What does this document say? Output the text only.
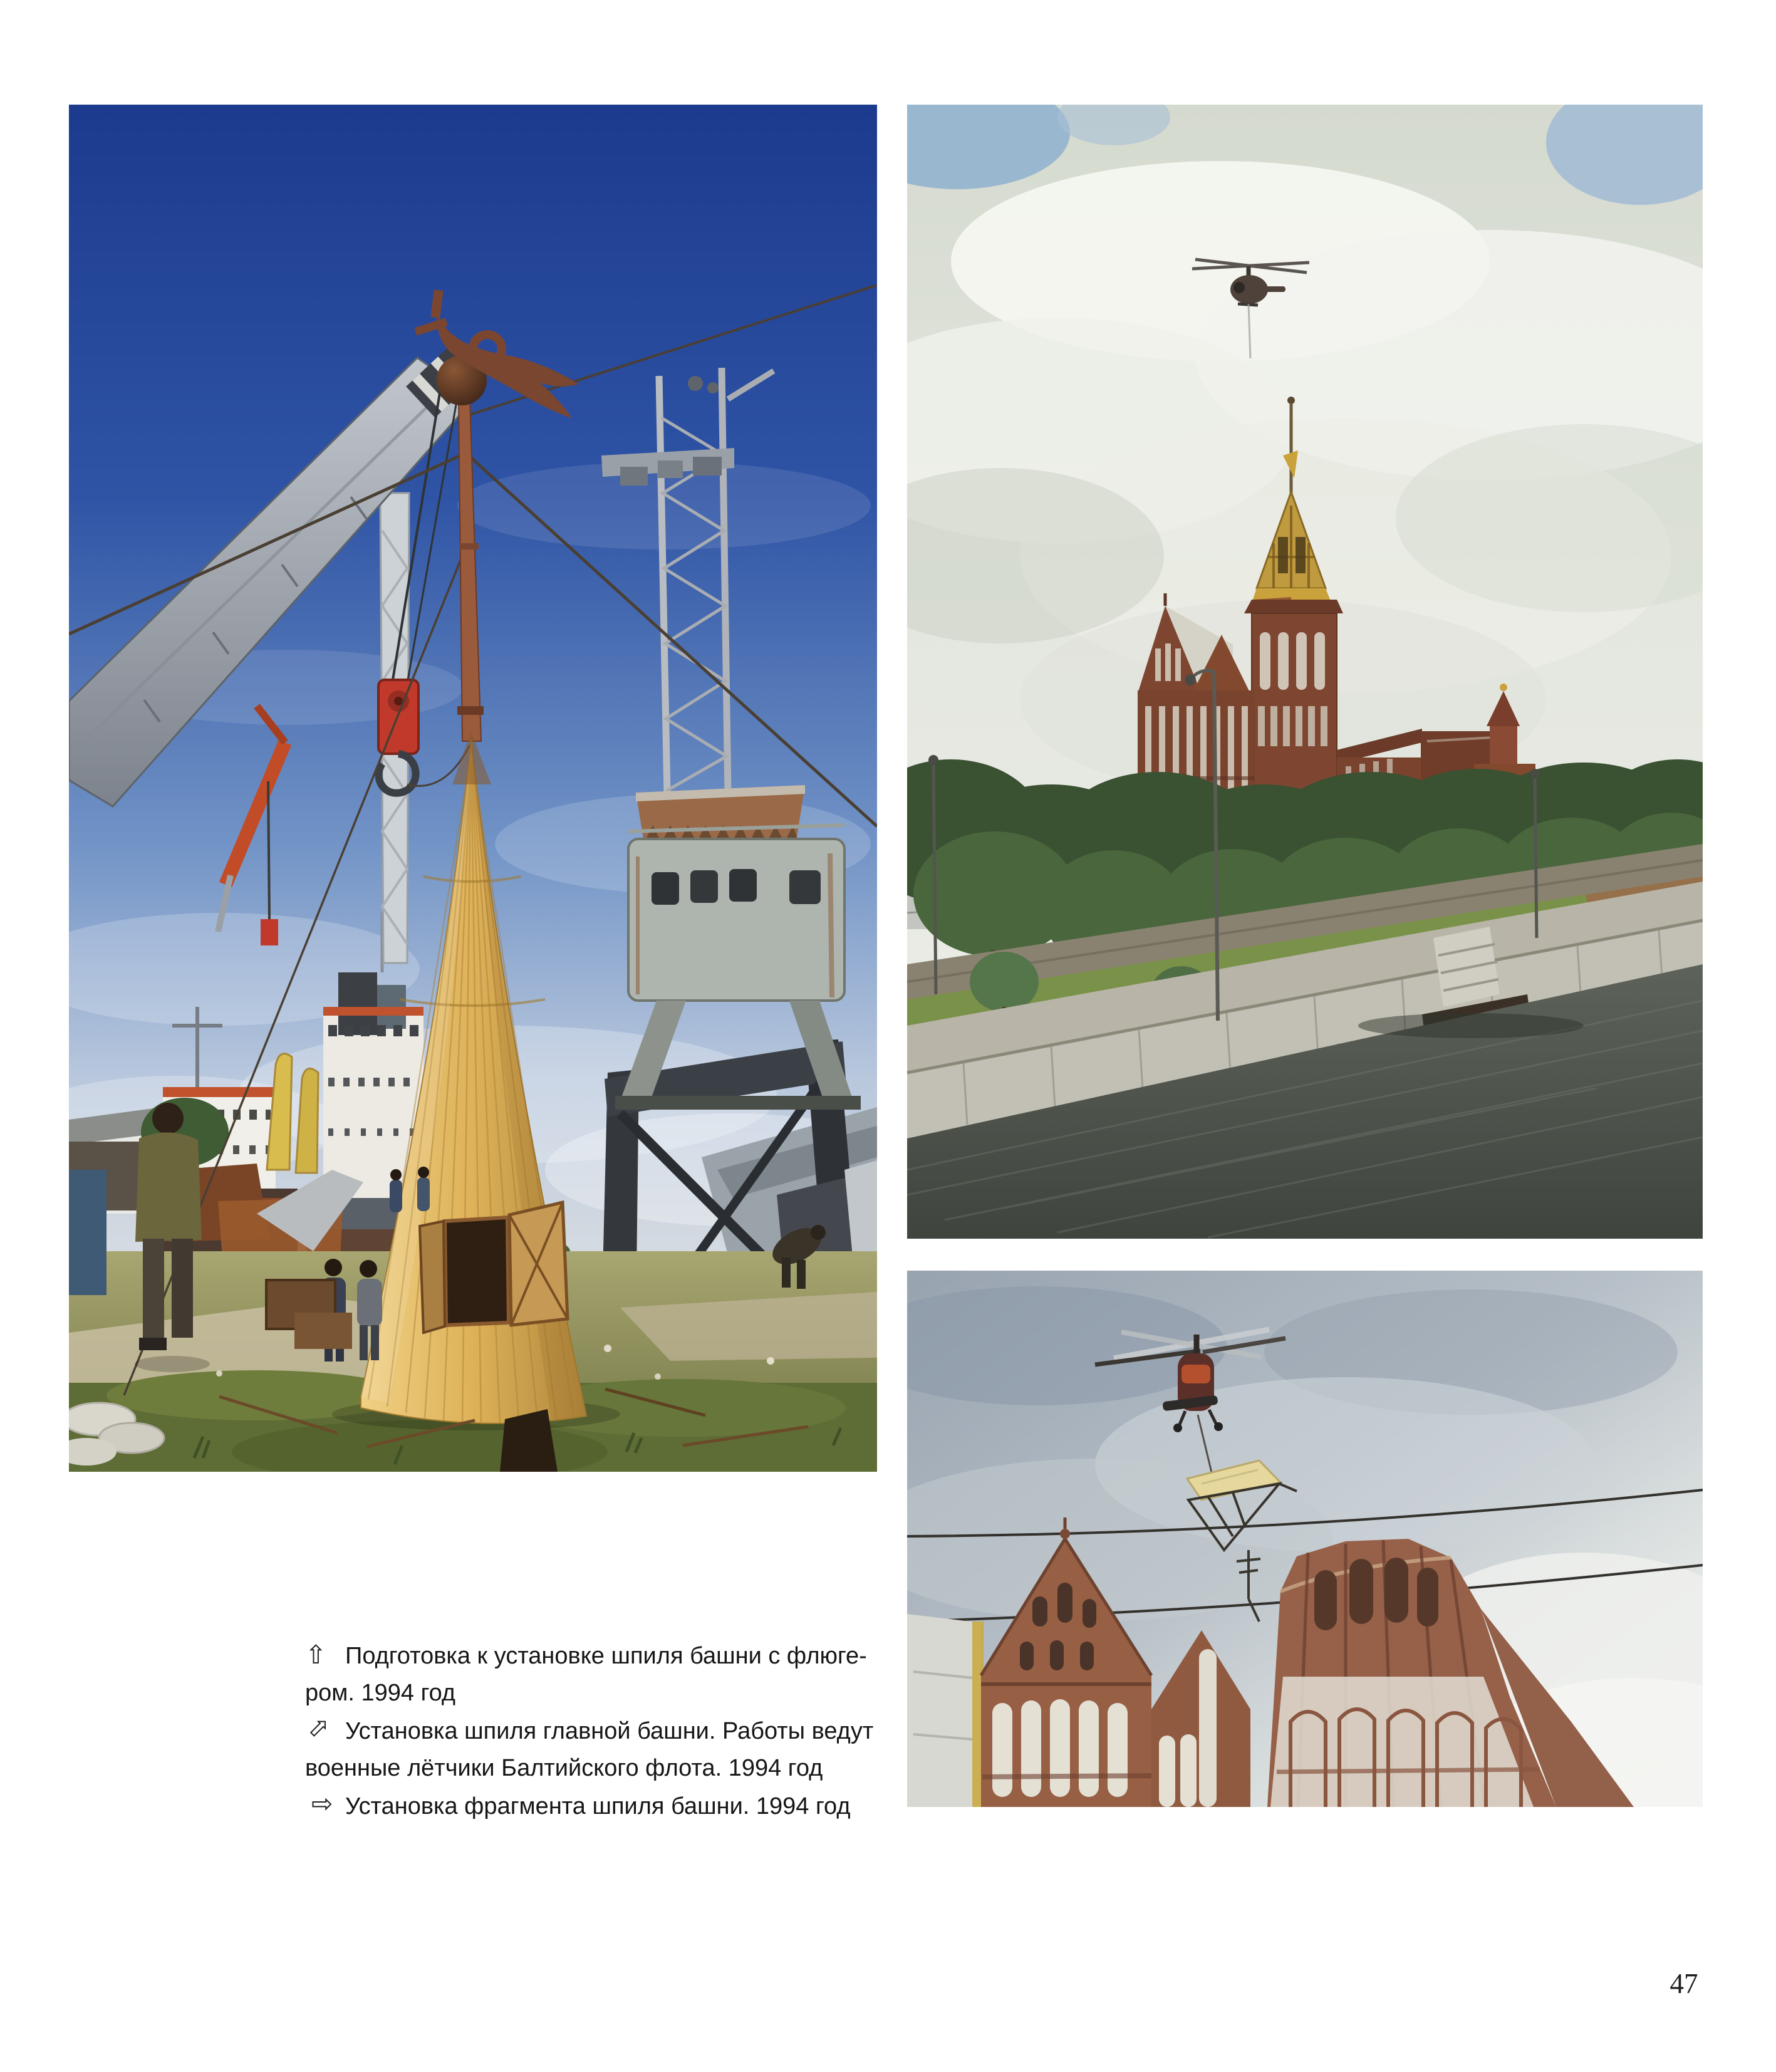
⇧ Подготовка к установке шпиля башни с флюге-
ром. 1994 год
⇧ Установка шпиля главной башни. Работы ведут
военные лётчики Балтийского флота. 1994 год
⇧ Установка фрагмента шпиля башни. 1994 год
47
